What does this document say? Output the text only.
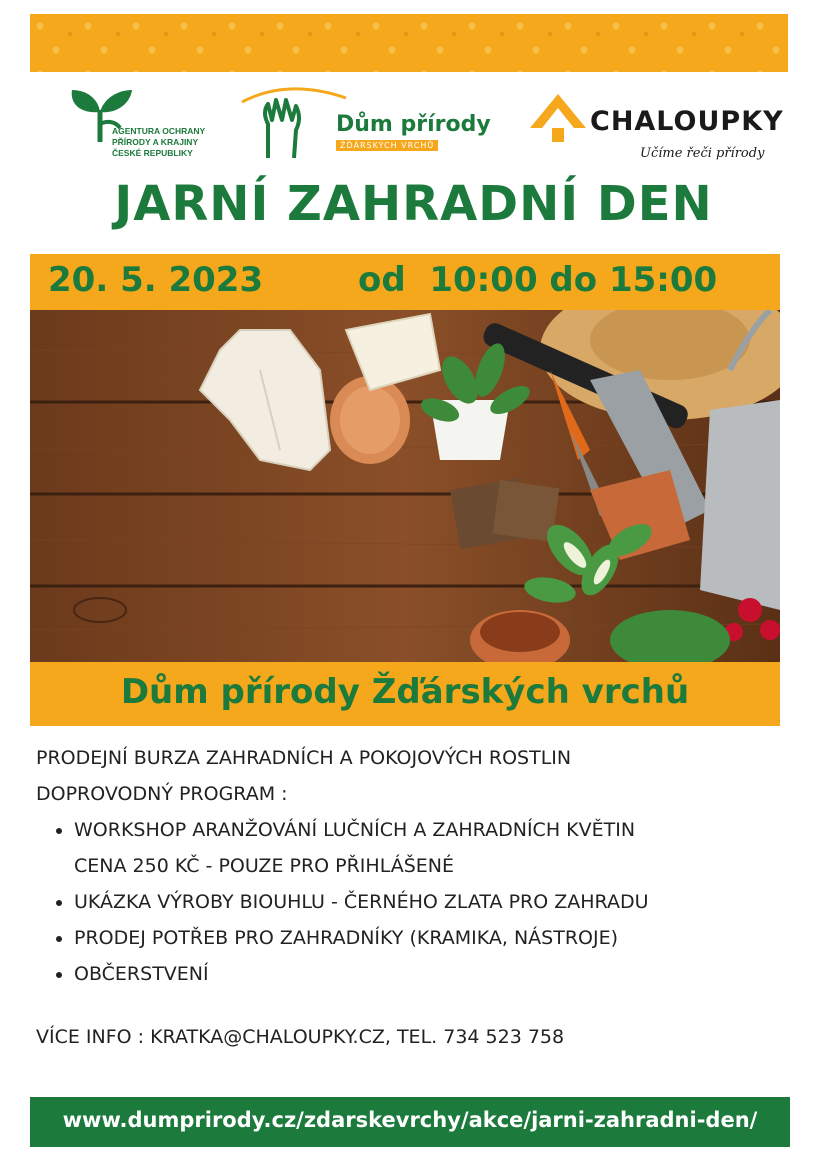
AGENTURA OCHRANY
PŘÍRODY A KRAJINY
ČESKÉ REPUBLIKY
Dům přírody
ŽĎÁRSKÝCH VRCHŮ
CHALOUPKY
Učíme řeči přírody
JARNÍ ZAHRADNÍ DEN
20. 5. 2023	od  10:00 do 15:00
Dům přírody Žďárských vrchů

PRODEJNÍ BURZA ZAHRADNÍCH A POKOJOVÝCH ROSTLIN

DOPROVODNÝ PROGRAM :

• WORKSHOP ARANŽOVÁNÍ LUČNÍCH A ZAHRADNÍCH KVĚTIN
CENA 250 KČ - POUZE PRO PŘIHLÁŠENÉ
• UKÁZKA VÝROBY BIOUHLU - ČERNÉHO ZLATA PRO ZAHRADU
• PRODEJ POTŘEB PRO ZAHRADNÍKY (KRAMIKA, NÁSTROJE)
• OBČERSTVENÍ
VÍCE INFO : KRATKA@CHALOUPKY.CZ, TEL. 734 523 758
www.dumprirody.cz/zdarskevrchy/akce/jarni-zahradni-den/
